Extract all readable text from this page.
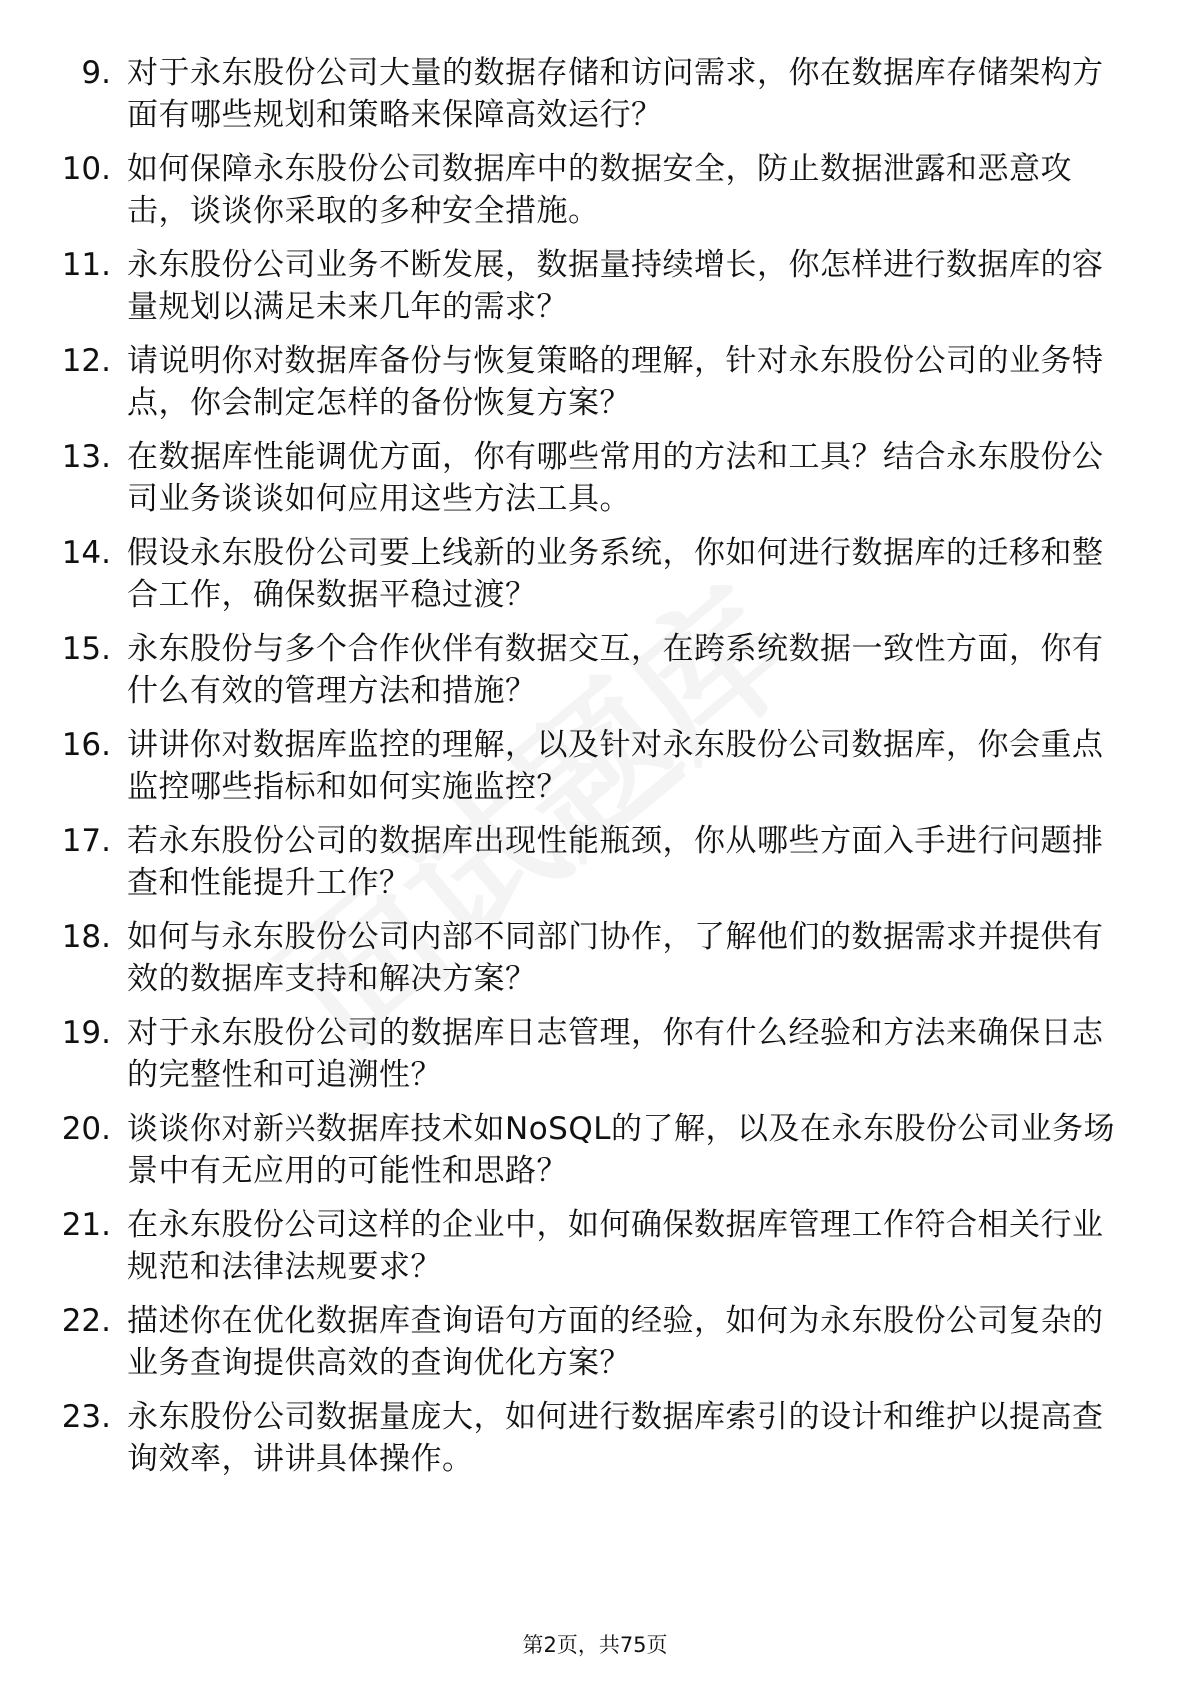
9. 对于永东股份公司大量的数据存储和访问需求，你在数据库存储架构方面有哪些规划和策略来保障高效运行？
10. 如何保障永东股份公司数据库中的数据安全，防止数据泄露和恶意攻击，谈谈你采取的多种安全措施。
11. 永东股份公司业务不断发展，数据量持续增长，你怎样进行数据库的容量规划以满足未来几年的需求？
12. 请说明你对数据库备份与恢复策略的理解，针对永东股份公司的业务特点，你会制定怎样的备份恢复方案？
13. 在数据库性能调优方面，你有哪些常用的方法和工具？结合永东股份公司业务谈谈如何应用这些方法工具。
14. 假设永东股份公司要上线新的业务系统，你如何进行数据库的迁移和整合工作，确保数据平稳过渡？
15. 永东股份与多个合作伙伴有数据交互，在跨系统数据一致性方面，你有什么有效的管理方法和措施？
16. 讲讲你对数据库监控的理解，以及针对永东股份公司数据库，你会重点监控哪些指标和如何实施监控？
17. 若永东股份公司的数据库出现性能瓶颈，你从哪些方面入手进行问题排查和性能提升工作？
18. 如何与永东股份公司内部不同部门协作，了解他们的数据需求并提供有效的数据库支持和解决方案？
19. 对于永东股份公司的数据库日志管理，你有什么经验和方法来确保日志的完整性和可追溯性？
20. 谈谈你对新兴数据库技术如NoSQL的了解，以及在永东股份公司业务场景中有无应用的可能性和思路？
21. 在永东股份公司这样的企业中，如何确保数据库管理工作符合相关行业规范和法律法规要求？
22. 描述你在优化数据库查询语句方面的经验，如何为永东股份公司复杂的业务查询提供高效的查询优化方案？
23. 永东股份公司数据量庞大，如何进行数据库索引的设计和维护以提高查询效率，讲讲具体操作。
第2页，共75页
